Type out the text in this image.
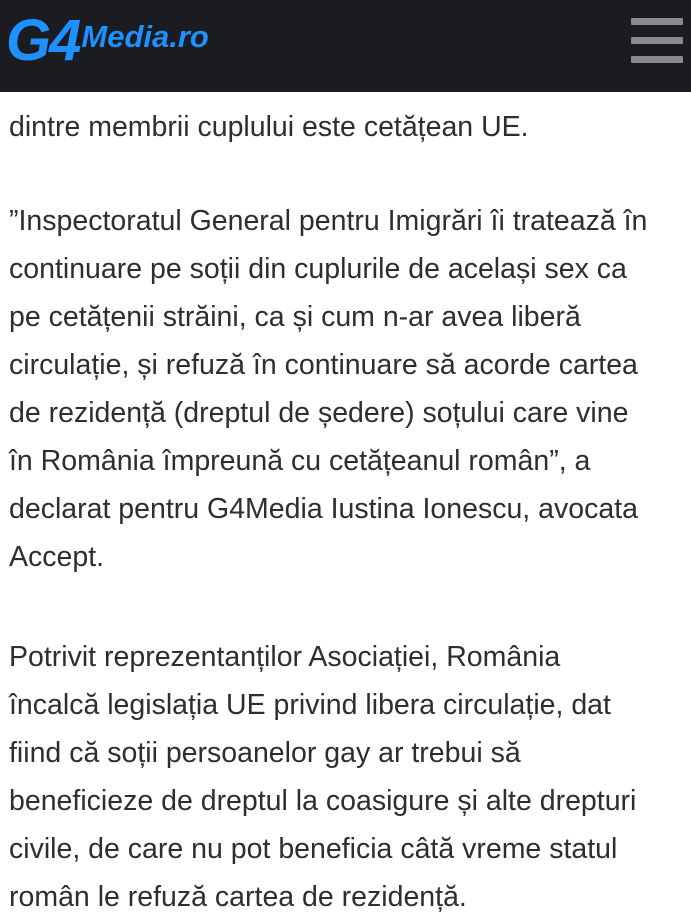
dintre membrii cuplului este cetățean UE.

”Inspectoratul General pentru Imigrări îi tratează în
continuare pe soții din cuplurile de același sex ca
pe cetățenii străini, ca și cum n-ar avea liberă
circulație, și refuză în continuare să acorde cartea
de rezidență (dreptul de ședere) soțului care vine
în România împreună cu cetățeanul român”, a
declarat pentru G4Media Iustina Ionescu, avocata
Accept.

Potrivit reprezentanților Asociației, România
încalcă legislația UE privind libera circulație, dat
fiind că soții persoanelor gay ar trebui să
beneficieze de dreptul la coasigure și alte drepturi
civile, de care nu pot beneficia câtă vreme statul
român le refuză cartea de rezidență.

G4 Media.ro
